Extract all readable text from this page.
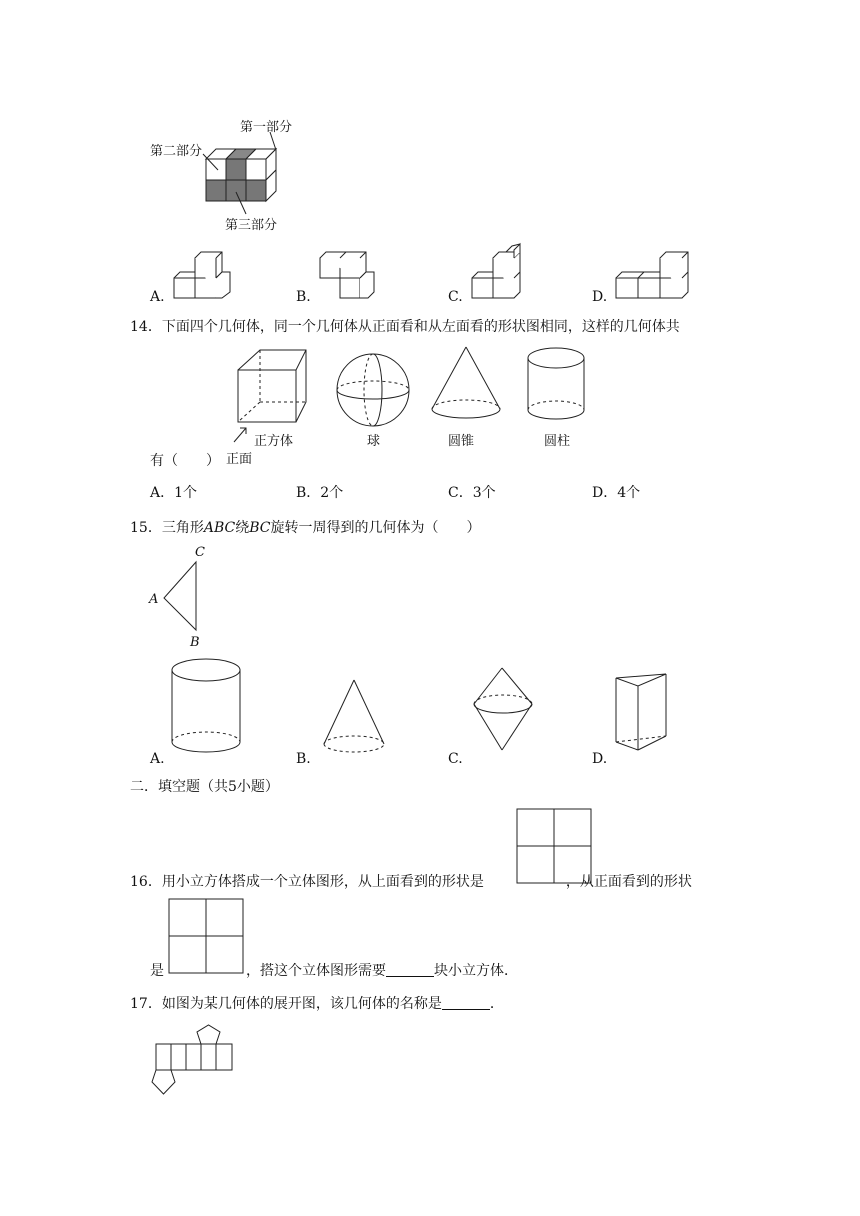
第一部分
第二部分
第三部分
A.	B.	C.	D.
14．下面四个几何体，同一个几何体从正面看和从左面看的形状图相同，这样的几何体共
正方体
正面
球	圆锥	圆柱
有（　　）
A．1个	B．2个	C．3个	D．4个
15．三角形ABC绕BC旋转一周得到的几何体为（　　）
C
A
B
A.	B.	C.	D.
二．填空题（共5小题）
16．用小立方体搭成一个立体图形，从上面看到的形状是	，从正面看到的形状
是	，搭这个立体图形需要	块小立方体．
17．如图为某几何体的展开图，该几何体的名称是	．
